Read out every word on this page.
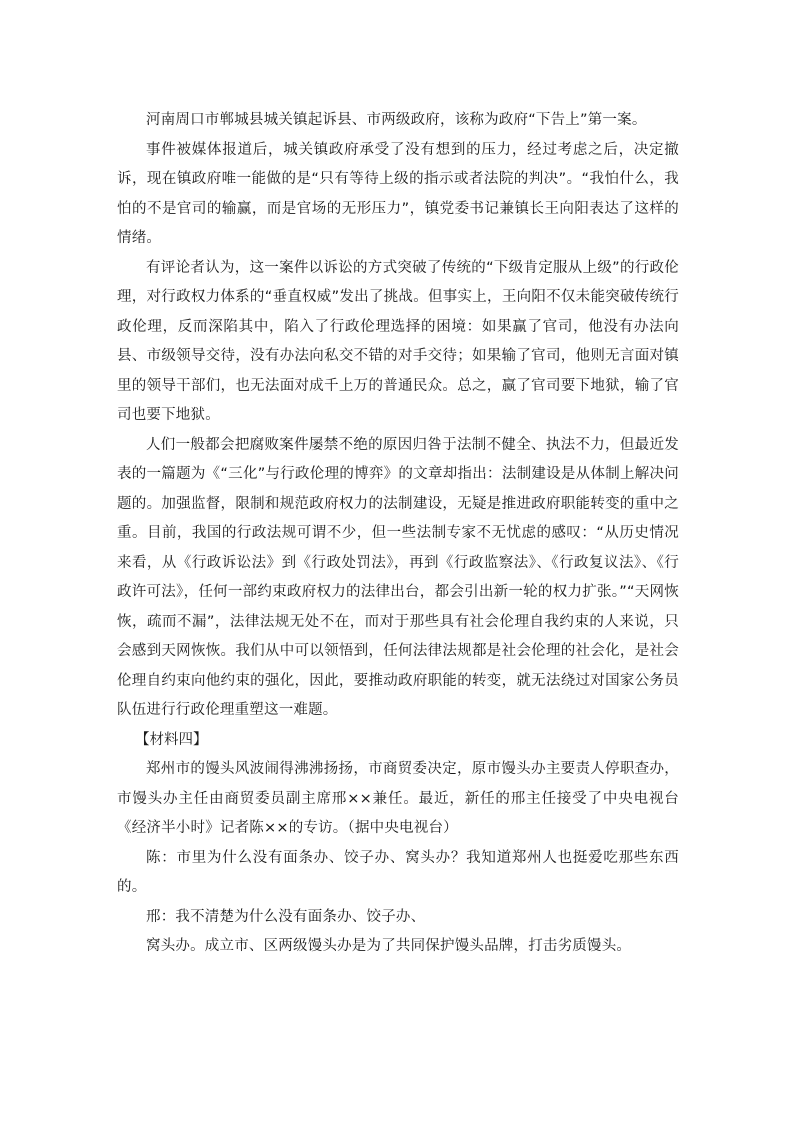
河南周口市郸城县城关镇起诉县、市两级政府，该称为政府“下告上”第一案。

事件被媒体报道后，城关镇政府承受了没有想到的压力，经过考虑之后，决定撤诉，现在镇政府唯一能做的是“只有等待上级的指示或者法院的判决”。“我怕什么，我怕的不是官司的输赢，而是官场的无形压力”，镇党委书记兼镇长王向阳表达了这样的情绪。

有评论者认为，这一案件以诉讼的方式突破了传统的“下级肯定服从上级”的行政伦理，对行政权力体系的“垂直权威”发出了挑战。但事实上，王向阳不仅未能突破传统行政伦理，反而深陷其中，陷入了行政伦理选择的困境：如果赢了官司，他没有办法向县、市级领导交待，没有办法向私交不错的对手交待；如果输了官司，他则无言面对镇里的领导干部们，也无法面对成千上万的普通民众。总之，赢了官司要下地狱，输了官司也要下地狱。

人们一般都会把腐败案件屡禁不绝的原因归咎于法制不健全、执法不力，但最近发表的一篇题为《“三化”与行政伦理的博弈》的文章却指出：法制建设是从体制上解决问题的。加强监督，限制和规范政府权力的法制建设，无疑是推进政府职能转变的重中之重。目前，我国的行政法规可谓不少，但一些法制专家不无忧虑的感叹：“从历史情况来看，从《行政诉讼法》到《行政处罚法》，再到《行政监察法》、《行政复议法》、《行政许可法》，任何一部约束政府权力的法律出台，都会引出新一轮的权力扩张。”“天网恢恢，疏而不漏”，法律法规无处不在，而对于那些具有社会伦理自我约束的人来说，只会感到天网恢恢。我们从中可以领悟到，任何法律法规都是社会伦理的社会化，是社会伦理自约束向他约束的强化，因此，要推动政府职能的转变，就无法绕过对国家公务员队伍进行行政伦理重塑这一难题。

【材料四】

郑州市的馒头风波闹得沸沸扬扬，市商贸委决定，原市馒头办主要责人停职查办，市馒头办主任由商贸委员副主席邢××兼任。最近，新任的邢主任接受了中央电视台《经济半小时》记者陈××的专访。（据中央电视台）

陈：市里为什么没有面条办、饺子办、窝头办？我知道郑州人也挺爱吃那些东西的。

邢：我不清楚为什么没有面条办、饺子办、

窝头办。成立市、区两级馒头办是为了共同保护馒头品牌，打击劣质馒头。
